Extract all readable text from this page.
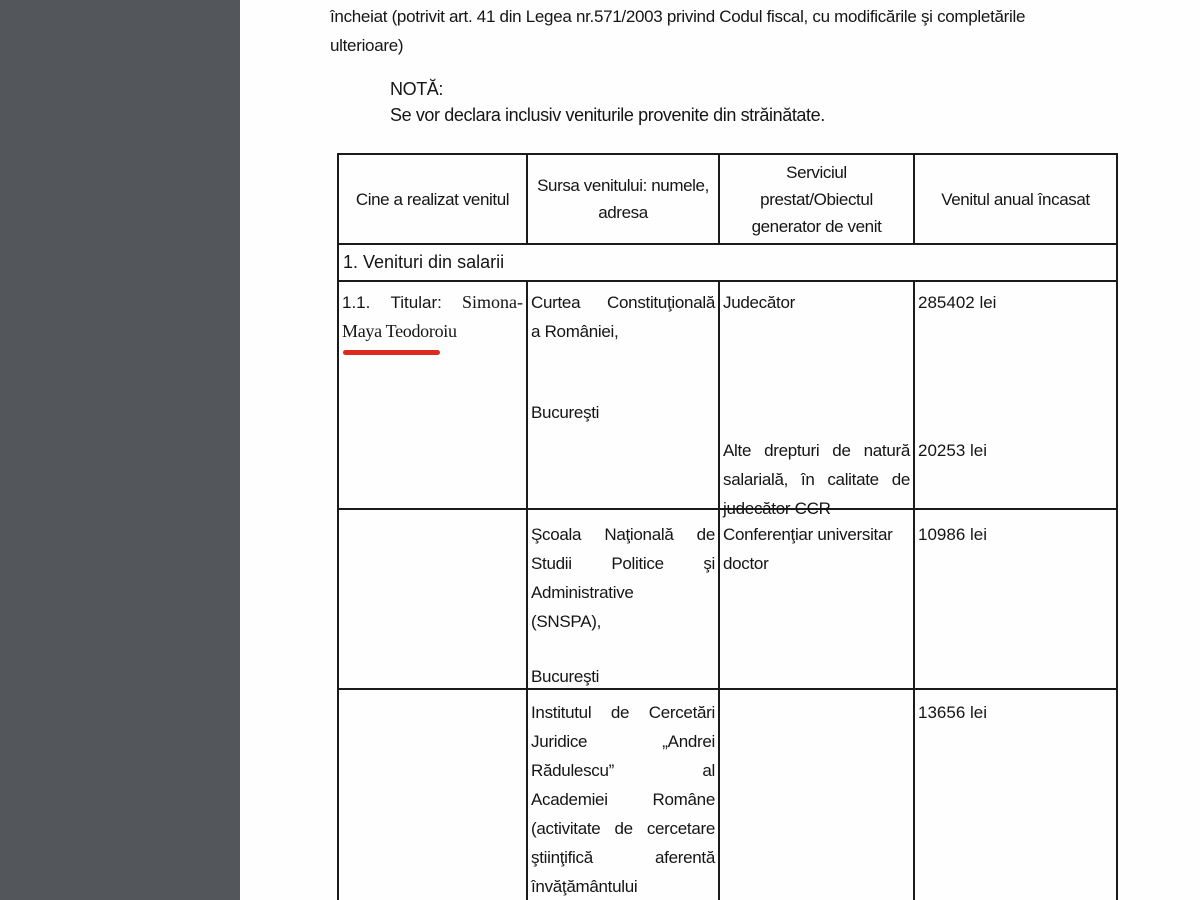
încheiat (potrivit art. 41 din Legea nr.571/2003 privind Codul fiscal, cu modificările şi completările
ulterioare)
NOTĂ:
Se vor declara inclusiv veniturile provenite din străinătate.
Cine a realizat venitul
Sursa venitului: numele,
adresa
Serviciul
prestat/Obiectul
generator de venit
Venitul anual încasat
1. Venituri din salarii
1.1. Titular: Simona-
Maya Teodoroiu
Curtea Constituţională
a României,
Bucureşti
Judecător
Alte drepturi de natură
salarială, în calitate de
judecător CCR
285402 lei
20253 lei
Şcoala Naţională de
Studii Politice şi
Administrative
(SNSPA),
Bucureşti
Conferenţiar universitar
doctor
10986 lei
Institutul de Cercetări
Juridice „Andrei
Rădulescu” al
Academiei Române
(activitate de cercetare
ştiinţifică aferentă
învăţământului
13656 lei
